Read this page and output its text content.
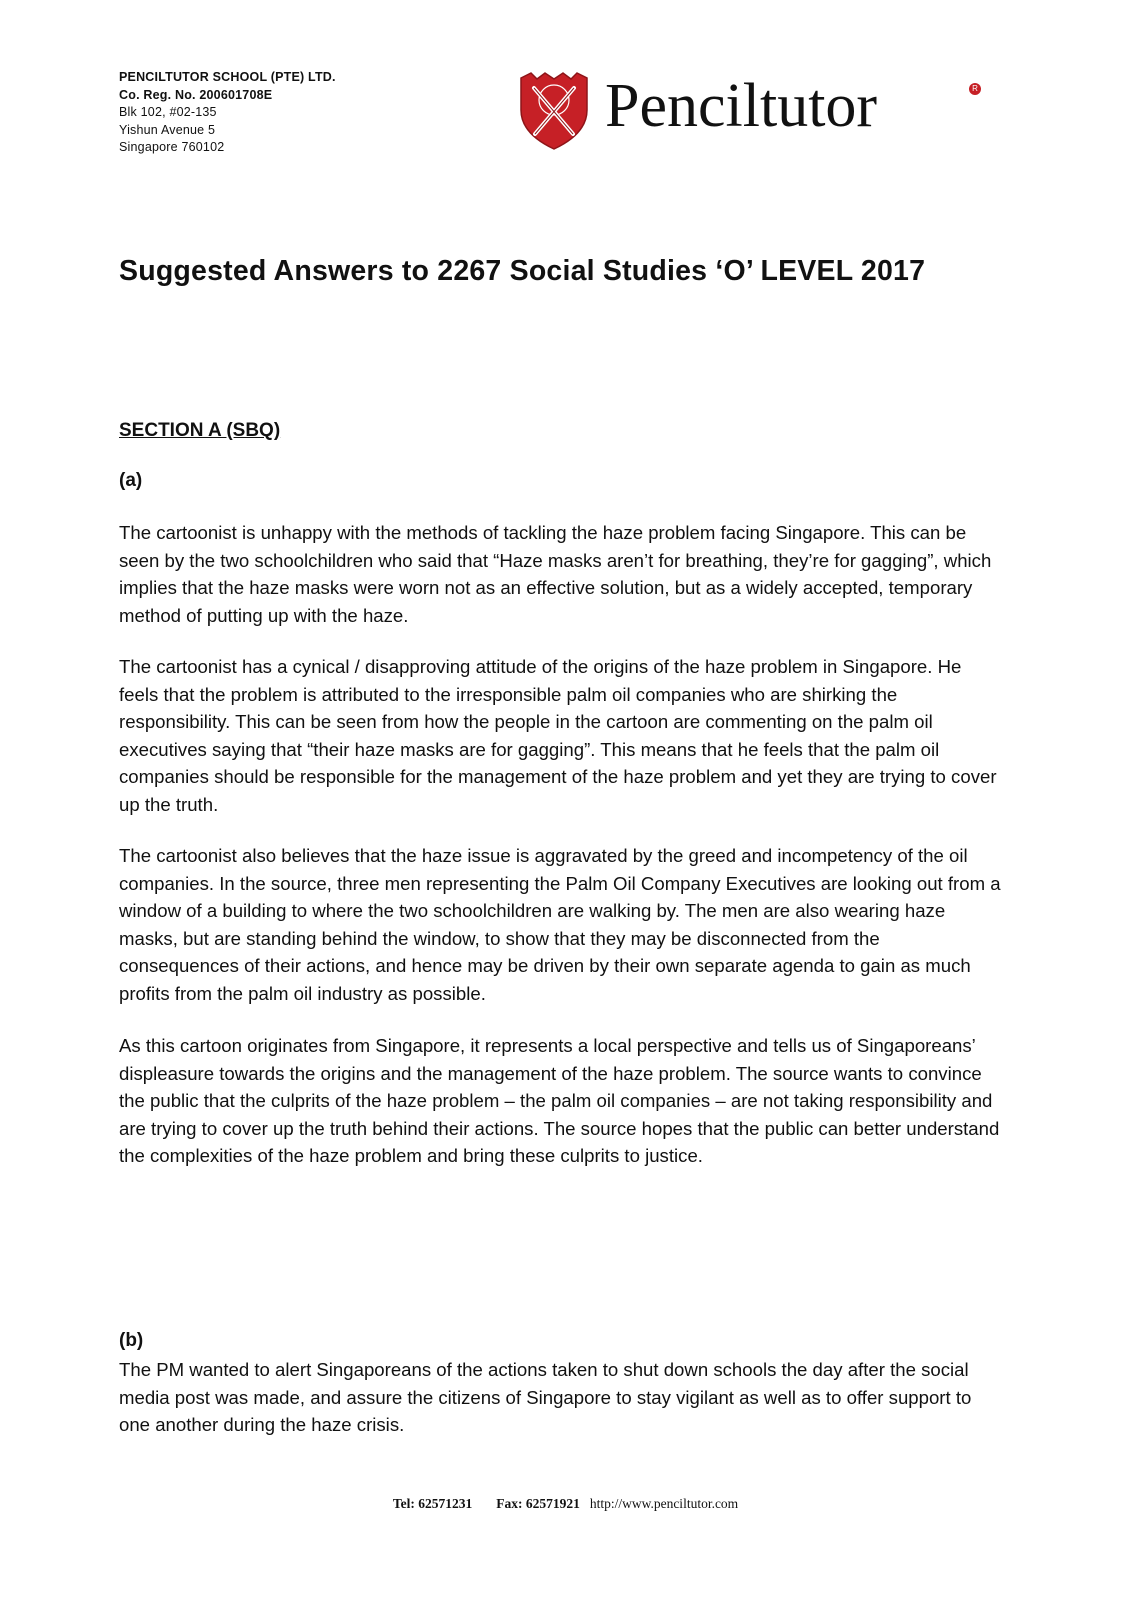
PENCILTUTOR SCHOOL (PTE) LTD.
Co. Reg. No. 200601708E
Blk 102, #02-135
Yishun Avenue 5
Singapore 760102
Penciltutor	R
Suggested Answers to 2267 Social Studies ‘O’ LEVEL 2017
SECTION A (SBQ)
(a)

The cartoonist is unhappy with the methods of tackling the haze problem facing Singapore. This can be seen by the two schoolchildren who said that “Haze masks aren’t for breathing, they’re for gagging”, which implies that the haze masks were worn not as an effective solution, but as a widely accepted, temporary method of putting up with the haze.

The cartoonist has a cynical / disapproving attitude of the origins of the haze problem in Singapore. He feels that the problem is attributed to the irresponsible palm oil companies who are shirking the responsibility. This can be seen from how the people in the cartoon are commenting on the palm oil executives saying that “their haze masks are for gagging”. This means that he feels that the palm oil companies should be responsible for the management of the haze problem and yet they are trying to cover up the truth.

The cartoonist also believes that the haze issue is aggravated by the greed and incompetency of the oil companies. In the source, three men representing the Palm Oil Company Executives are looking out from a window of a building to where the two schoolchildren are walking by. The men are also wearing haze masks, but are standing behind the window, to show that they may be disconnected from the consequences of their actions, and hence may be driven by their own separate agenda to gain as much profits from the palm oil industry as possible.

As this cartoon originates from Singapore, it represents a local perspective and tells us of Singaporeans’ displeasure towards the origins and the management of the haze problem. The source wants to convince the public that the culprits of the haze problem – the palm oil companies – are not taking responsibility and are trying to cover up the truth behind their actions. The source hopes that the public can better understand the complexities of the haze problem and bring these culprits to justice.

(b)

The PM wanted to alert Singaporeans of the actions taken to shut down schools the day after the social media post was made, and assure the citizens of Singapore to stay vigilant as well as to offer support to one another during the haze crisis.

Tel: 62571231 Fax: 62571921 http://www.penciltutor.com
